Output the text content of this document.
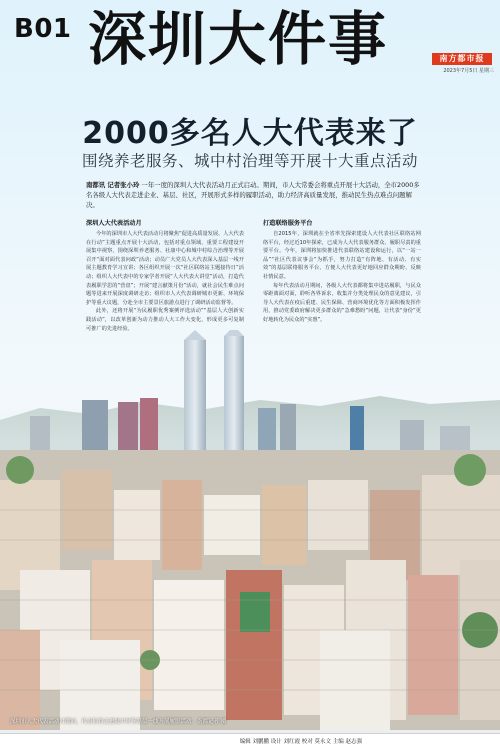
B01 深圳大件事	南方都市报
2023年7月5日 星期三
2000多名人大代表来了
围绕养老服务、城中村治理等开展十大重点活动
南都讯 记者张小玲 一年一度的深圳人大代表活动月正式启动。期间，市人大常委会将重点开展十大活动，全市2000多名各级人大代表走进企业、基层、社区，开展形式多样的履职活动，助力经济高质量发展，推动民生热点难点问题解决。
深圳人大代表活动月

今年的深圳市人大代表活动月将聚焦“促进高质量发展、人大代表在行动”主题重点开展十大活动，包括对重点领域、重要工程建设开展集中视察，围绕深圳养老服务、社康中心和城中村综合治理等开展召开“面对面代表问政”活动；动员广大党员人大代表深入基层一线开展主题教育学习宣讲；各区组织开展一次“社区联络站主题接待日”活动；组织人大代表中的专家学者开展“人大代表大讲堂”活动，打造代表履职学思的“营盘”；开展“建言献策月份”活动，就社会民生难点问题等进来开展深度调研走访；组织市人大代表调研城市更新、环境保护等重大议题，分赴全市主要景区旅游点进行了调研活动监督等。

此外，还将开展“为民履职优秀案例评选活动”“基层人大创新实践活动”，以改革创新为动力推动人大工作大变化，形成更多可复制可推广的先进经验。

打造联络服务平台

自2015年，深圳就在全省率先探索建设人大代表社区联络站网络平台，经过近10年探索，已成为人大代表服务群众、履职尽责的重要平台。今年，深圳将加快推进代表联络站建设和运行，以“一站一品”“社区代表议事会”为抓手，努力打造“有阵地、有活动、有实效”的基层联络服务平台，方便人大代表更好地回应群众期盼、反映社情民意。

每年代表活动月期间，各级人大代表都将集中进站履职，与民众零距离面对面，聆听各界诉求，收集并分类处理民众的意见建议，引导人大代表在疫后重建、民生保障、营商环境优化等方面积极发挥作用，推动党委政府解决更多群众的“急难愁盼”问题，让代表“身份”更好地转化为民众的“实惠”。

深圳市人大代表活动月期间，代表们将走进城中村等基层一线开展履职活动。南都记者 摄
编辑 刘鹏鹏 设计 刘红霞 校对 莫永文 主编 赵志强
